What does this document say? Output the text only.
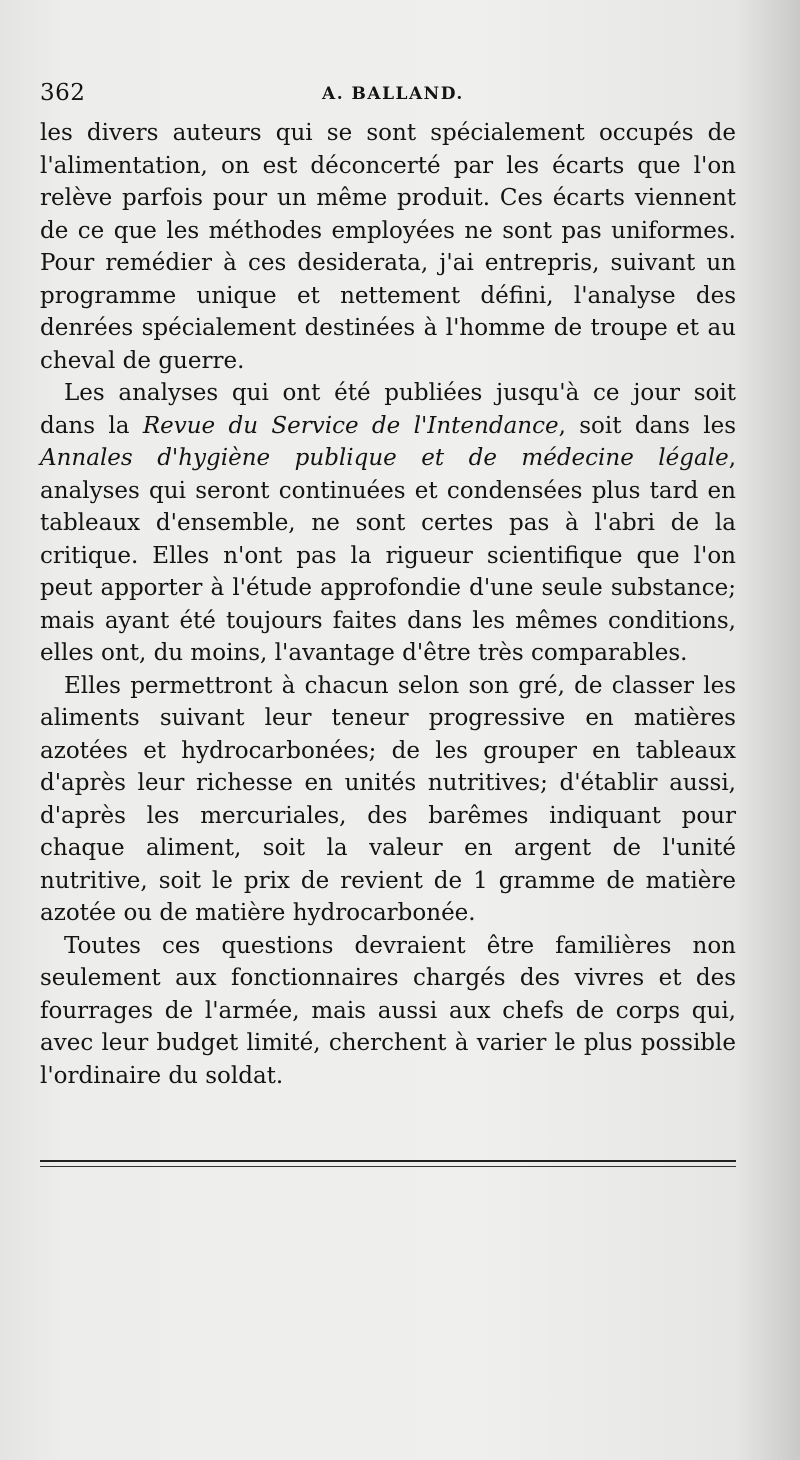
362	A. BALLAND.

les divers auteurs qui se sont spécialement occupés de l'alimentation, on est déconcerté par les écarts que l'on relève parfois pour un même produit. Ces écarts viennent de ce que les méthodes employées ne sont pas uniformes. Pour remédier à ces desiderata, j'ai entrepris, suivant un programme unique et nettement défini, l'analyse des denrées spécialement destinées à l'homme de troupe et au cheval de guerre.

Les analyses qui ont été publiées jusqu'à ce jour soit dans la Revue du Service de l'Intendance, soit dans les Annales d'hygiène publique et de médecine légale, analyses qui seront continuées et condensées plus tard en tableaux d'ensemble, ne sont certes pas à l'abri de la critique. Elles n'ont pas la rigueur scientifique que l'on peut apporter à l'étude approfondie d'une seule substance; mais ayant été toujours faites dans les mêmes conditions, elles ont, du moins, l'avantage d'être très comparables.

Elles permettront à chacun selon son gré, de classer les aliments suivant leur teneur progressive en matières azotées et hydrocarbonées; de les grouper en tableaux d'après leur richesse en unités nutritives; d'établir aussi, d'après les mercuriales, des barêmes indiquant pour chaque aliment, soit la valeur en argent de l'unité nutritive, soit le prix de revient de 1 gramme de matière azotée ou de matière hydrocarbonée.

Toutes ces questions devraient être familières non seulement aux fonctionnaires chargés des vivres et des fourrages de l'armée, mais aussi aux chefs de corps qui, avec leur budget limité, cherchent à varier le plus possible l'ordinaire du soldat.
